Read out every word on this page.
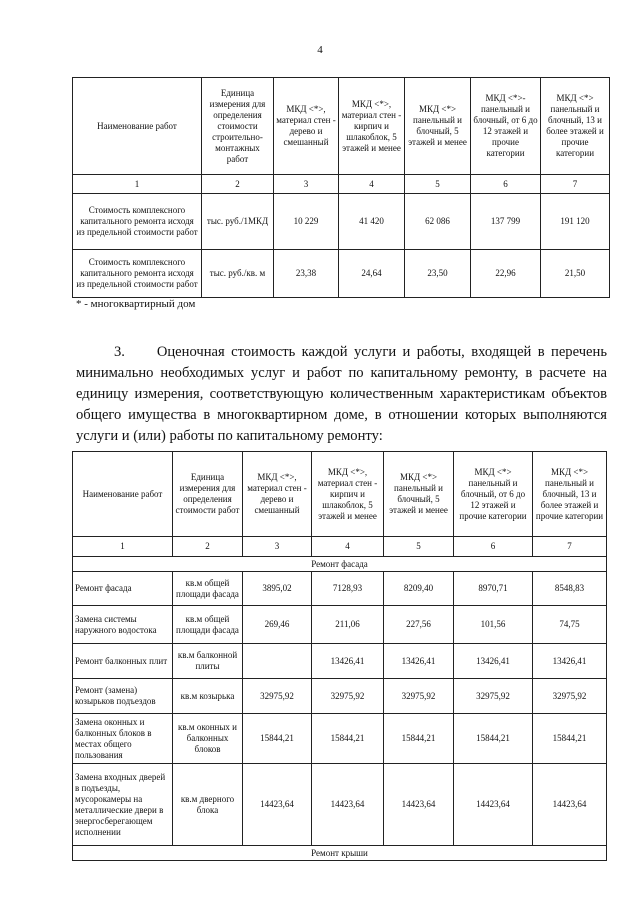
4
Наименование работ	Единица измерения для определения стоимости строительно-монтажных работ	МКД <*>, материал стен - дерево и смешанный	МКД <*>, материал стен - кирпич и шлакоблок, 5 этажей и менее	МКД <*> панельный и блочный, 5 этажей и менее	МКД <*>- панельный и блочный, от 6 до 12 этажей и прочие категории	МКД <*> панельный и блочный, 13 и более этажей и прочие категории
1	2	3	4	5	6	7
Стоимость комплексного капитального ремонта исходя из предельной стоимости работ	тыс. руб./1МКД	10 229	41 420	62 086	137 799	191 120
Стоимость комплексного капитального ремонта исходя из предельной стоимости работ	тыс. руб./кв. м	23,38	24,64	23,50	22,96	21,50
* - многоквартирный дом
3. Оценочная стоимость каждой услуги и работы, входящей в перечень минимально необходимых услуг и работ по капитальному ремонту, в расчете на единицу измерения, соответствующую количественным характеристикам объектов общего имущества в многоквартирном доме, в отношении которых выполняются услуги и (или) работы по капитальному ремонту:
Наименование работ	Единица измерения для определения стоимости работ	МКД <*>, материал стен - дерево и смешанный	МКД <*>, материал стен - кирпич и шлакоблок, 5 этажей и менее	МКД <*> панельный и блочный, 5 этажей и менее	МКД <*> панельный и блочный, от 6 до 12 этажей и прочие категории	МКД <*> панельный и блочный, 13 и более этажей и прочие категории
1	2	3	4	5	6	7
Ремонт фасада						
Ремонт фасада	кв.м общей площади фасада	3895,02	7128,93	8209,40	8970,71	8548,83
Замена системы наружного водостока	кв.м общей площади фасада	269,46	211,06	227,56	101,56	74,75
Ремонт балконных плит	кв.м балконной плиты		13426,41	13426,41	13426,41	13426,41
Ремонт (замена) козырьков подъездов	кв.м козырька	32975,92	32975,92	32975,92	32975,92	32975,92
Замена оконных и балконных блоков в местах общего пользования	кв.м оконных и балконных блоков	15844,21	15844,21	15844,21	15844,21	15844,21
Замена входных дверей в подъезды, мусорокамеры на металлические двери в энергосберегающем исполнении	кв.м дверного блока	14423,64	14423,64	14423,64	14423,64	14423,64
Ремонт крыши						
